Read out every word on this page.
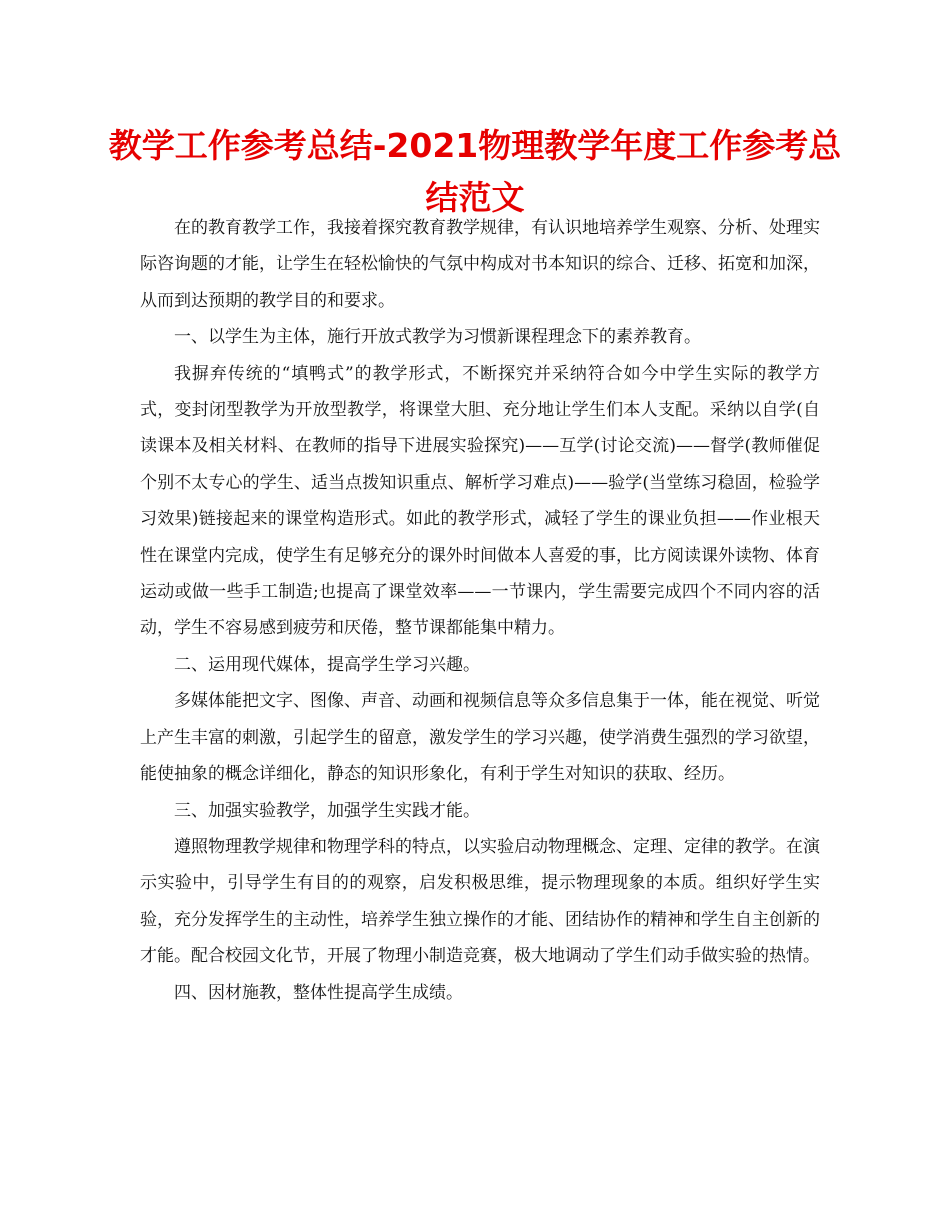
教学工作参考总结-2021物理教学年度工作参考总结范文

在的教育教学工作，我接着探究教育教学规律，有认识地培养学生观察、分析、处理实际咨询题的才能，让学生在轻松愉快的气氛中构成对书本知识的综合、迁移、拓宽和加深，从而到达预期的教学目的和要求。

一、以学生为主体，施行开放式教学为习惯新课程理念下的素养教育。

我摒弃传统的“填鸭式”的教学形式，不断探究并采纳符合如今中学生实际的教学方式，变封闭型教学为开放型教学，将课堂大胆、充分地让学生们本人支配。采纳以自学(自读课本及相关材料、在教师的指导下进展实验探究)——互学(讨论交流)——督学(教师催促个别不太专心的学生、适当点拨知识重点、解析学习难点)——验学(当堂练习稳固，检验学习效果)链接起来的课堂构造形式。如此的教学形式，减轻了学生的课业负担——作业根天性在课堂内完成，使学生有足够充分的课外时间做本人喜爱的事，比方阅读课外读物、体育运动或做一些手工制造;也提高了课堂效率——一节课内，学生需要完成四个不同内容的活动，学生不容易感到疲劳和厌倦，整节课都能集中精力。

二、运用现代媒体，提高学生学习兴趣。

多媒体能把文字、图像、声音、动画和视频信息等众多信息集于一体，能在视觉、听觉上产生丰富的刺激，引起学生的留意，激发学生的学习兴趣，使学消费生强烈的学习欲望，能使抽象的概念详细化，静态的知识形象化，有利于学生对知识的获取、经历。

三、加强实验教学，加强学生实践才能。

遵照物理教学规律和物理学科的特点，以实验启动物理概念、定理、定律的教学。在演示实验中，引导学生有目的的观察，启发积极思维，提示物理现象的本质。组织好学生实验，充分发挥学生的主动性，培养学生独立操作的才能、团结协作的精神和学生自主创新的才能。配合校园文化节，开展了物理小制造竞赛，极大地调动了学生们动手做实验的热情。

四、因材施教，整体性提高学生成绩。
